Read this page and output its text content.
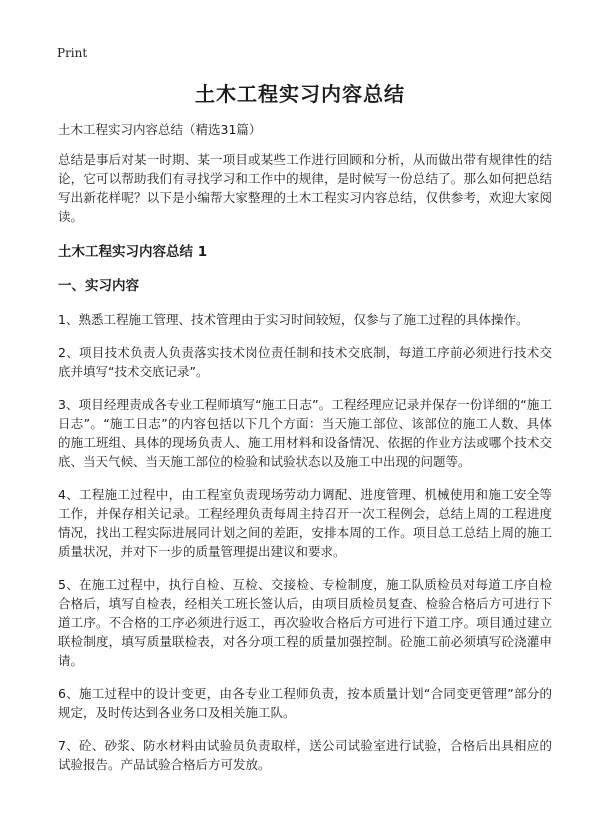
Print
土木工程实习内容总结
土木工程实习内容总结（精选31篇）

总结是事后对某一时期、某一项目或某些工作进行回顾和分析，从而做出带有规律性的结论，它可以帮助我们有寻找学习和工作中的规律，是时候写一份总结了。那么如何把总结写出新花样呢？以下是小编帮大家整理的土木工程实习内容总结，仅供参考，欢迎大家阅读。

土木工程实习内容总结 1
一、实习内容

1、熟悉工程施工管理、技术管理由于实习时间较短，仅参与了施工过程的具体操作。

2、项目技术负责人负责落实技术岗位责任制和技术交底制，每道工序前必须进行技术交底并填写“技术交底记录”。

3、项目经理责成各专业工程师填写“施工日志”。工程经理应记录并保存一份详细的“施工日志”。“施工日志”的内容包括以下几个方面：当天施工部位、该部位的施工人数、具体的施工班组、具体的现场负责人、施工用材料和设备情况、依据的作业方法或哪个技术交底、当天气候、当天施工部位的检验和试验状态以及施工中出现的问题等。

4、工程施工过程中，由工程室负责现场劳动力调配、进度管理、机械使用和施工安全等工作，并保存相关记录。工程经理负责每周主持召开一次工程例会，总结上周的工程进度情况，找出工程实际进展同计划之间的差距，安排本周的工作。项目总工总结上周的施工质量状况，并对下一步的质量管理提出建议和要求。

5、在施工过程中，执行自检、互检、交接检、专检制度，施工队质检员对每道工序自检合格后，填写自检表，经相关工班长签认后，由项目质检员复查、检验合格后方可进行下道工序。不合格的工序必须进行返工，再次验收合格后方可进行下道工序。项目通过建立联检制度，填写质量联检表，对各分项工程的质量加强控制。砼施工前必须填写砼浇灌申请。

6、施工过程中的设计变更，由各专业工程师负责，按本质量计划“合同变更管理”部分的规定，及时传达到各业务口及相关施工队。

7、砼、砂浆、防水材料由试验员负责取样，送公司试验室进行试验，合格后出具相应的试验报告。产品试验合格后方可发放。
